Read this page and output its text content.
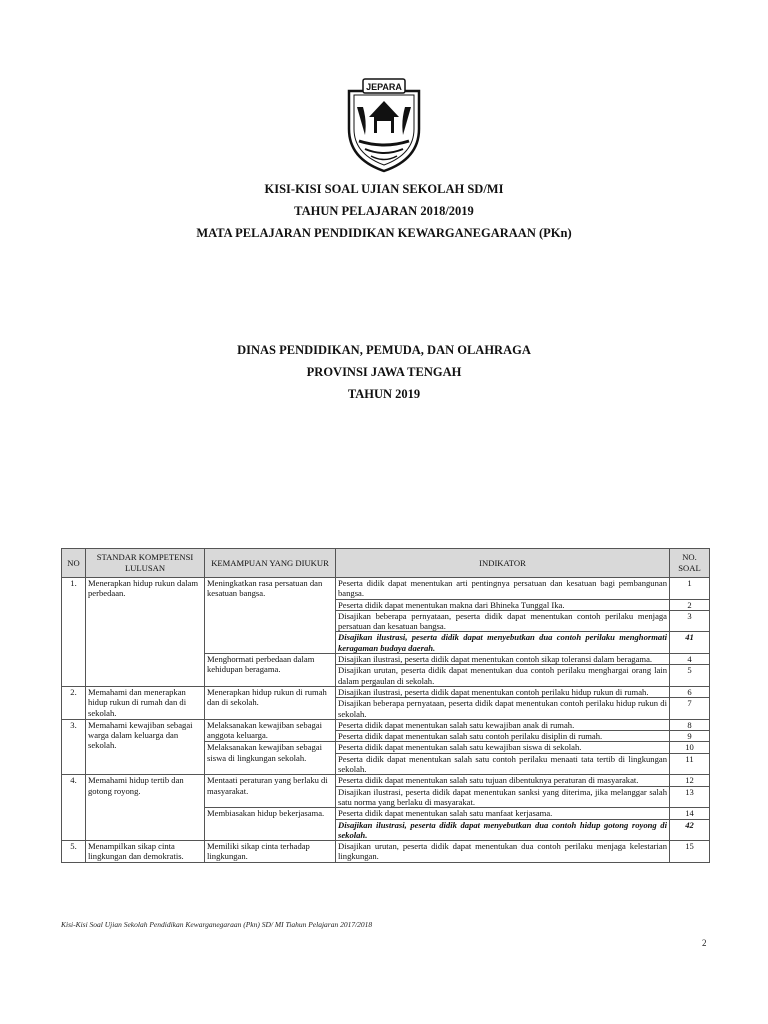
JEPARA
KISI-KISI SOAL UJIAN SEKOLAH SD/MI
TAHUN PELAJARAN 2018/2019
MATA PELAJARAN PENDIDIKAN KEWARGANEGARAAN (PKn)
DINAS PENDIDIKAN, PEMUDA, DAN OLAHRAGA
PROVINSI JAWA TENGAH
TAHUN 2019
NO	STANDAR KOMPETENSI LULUSAN	KEMAMPUAN YANG DIUKUR	INDIKATOR	NO. SOAL
1.	Menerapkan hidup rukun dalam perbedaan.	Meningkatkan rasa persatuan dan kesatuan bangsa.	Peserta didik dapat menentukan arti pentingnya persatuan dan kesatuan bagi pembangunan bangsa.	1
			Peserta didik dapat menentukan makna dari Bhineka Tunggal Ika.	2
			Disajikan beberapa pernyataan, peserta didik dapat menentukan contoh perilaku menjaga persatuan dan kesatuan bangsa.	3
			Disajikan ilustrasi, peserta didik dapat menyebutkan dua contoh perilaku menghormati keragaman budaya daerah.	41
		Menghormati perbedaan dalam kehidupan beragama.	Disajikan ilustrasi, peserta didik dapat menentukan contoh sikap toleransi dalam beragama.	4
			Disajikan urutan, peserta didik dapat menentukan dua contoh perilaku menghargai orang lain dalam pergaulan di sekolah.	5
2.	Memahami dan menerapkan hidup rukun di rumah dan di sekolah.	Menerapkan hidup rukun di rumah dan di sekolah.	Disajikan ilustrasi, peserta didik dapat menentukan contoh perilaku hidup rukun di rumah.	6
			Disajikan beberapa pernyataan, peserta didik dapat menentukan contoh perilaku hidup rukun di sekolah.	7
3.	Memahami kewajiban sebagai warga dalam keluarga dan sekolah.	Melaksanakan kewajiban sebagai anggota keluarga.	Peserta didik dapat menentukan salah satu kewajiban anak di rumah.	8
			Peserta didik dapat menentukan salah satu contoh perilaku disiplin di rumah.	9
		Melaksanakan kewajiban sebagai siswa di lingkungan sekolah.	Peserta didik dapat menentukan salah satu kewajiban siswa di sekolah.	10
			Peserta didik dapat menentukan salah satu contoh perilaku menaati tata tertib di lingkungan sekolah.	11
4.	Memahami hidup tertib dan gotong royong.	Mentaati peraturan yang berlaku di masyarakat.	Peserta didik dapat menentukan salah satu tujuan dibentuknya peraturan di masyarakat.	12
			Disajikan ilustrasi, peserta didik dapat menentukan sanksi yang diterima, jika melanggar salah satu norma yang berlaku di masyarakat.	13
		Membiasakan hidup bekerjasama.	Peserta didik dapat menentukan salah satu manfaat kerjasama.	14
			Disajikan ilustrasi, peserta didik dapat menyebutkan dua contoh hidup gotong royong di sekolah.	42
5.	Menampilkan sikap cinta lingkungan dan demokratis.	Memiliki sikap cinta terhadap lingkungan.	Disajikan urutan, peserta didik dapat menentukan dua contoh perilaku menjaga kelestarian lingkungan.	15
Kisi-Kisi Soal Ujian Sekolah Pendidikan Kewarganegaraan (Pkn) SD/ MI Tiahun Pelajaran 2017/2018
2
